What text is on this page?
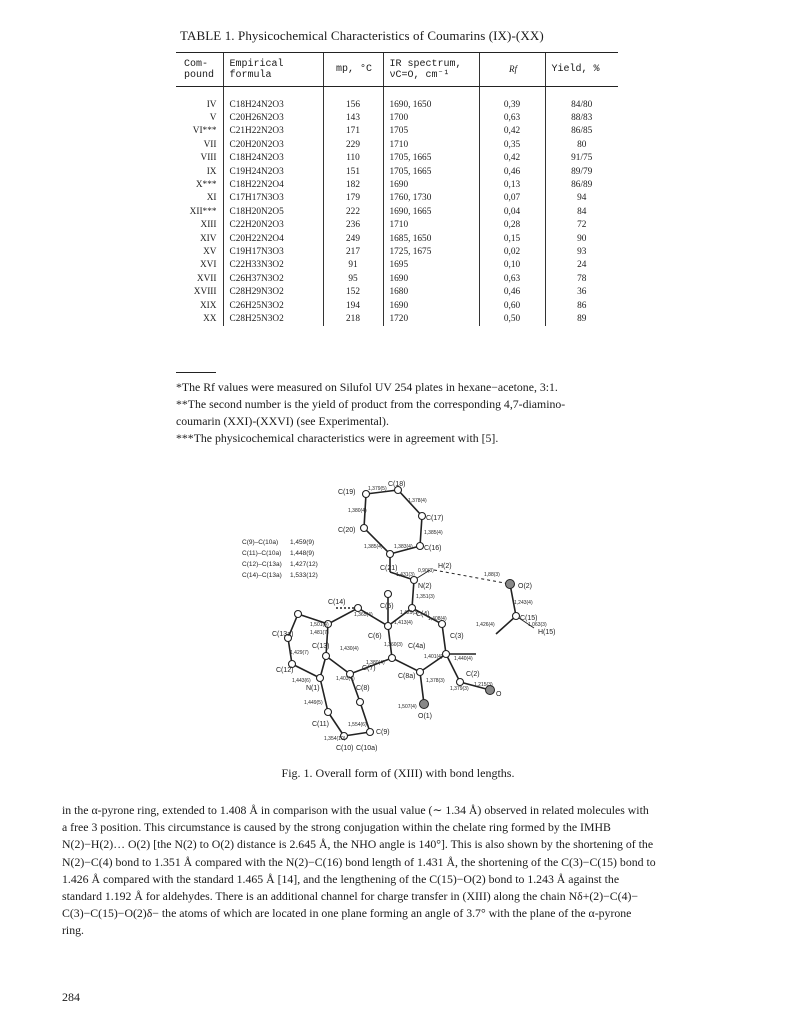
TABLE 1. Physicochemical Characteristics of Coumarins (IX)-(XX)
Com-
pound	Empirical
formula	mp, °C	IR spectrum,
νC=O, cm⁻¹	Rf	Yield, %

IV	C18H24N2O3	156	1690, 1650	0,39	84/80
V	C20H26N2O3	143	1700	0,63	88/83
VI***	C21H22N2O3	171	1705	0,42	86/85
VII	C20H20N2O3	229	1710	0,35	80
VIII	C18H24N2O3	110	1705, 1665	0,42	91/75
IX	C19H24N2O3	151	1705, 1665	0,46	89/79
X***	C18H22N2O4	182	1690	0,13	86/89
XI	C17H17N3O3	179	1760, 1730	0,07	94
XII***	C18H20N2O5	222	1690, 1665	0,04	84
XIII	C22H20N2O3	236	1710	0,28	72
XIV	C20H22N2O4	249	1685, 1650	0,15	90
XV	C19H17N3O3	217	1725, 1675	0,02	93
XVI	C22H33N3O2	91	1695	0,10	24
XVII	C26H37N3O2	95	1690	0,63	78
XVIII	C28H29N3O2	152	1680	0,46	36
XIX	C26H25N3O2	194	1690	0,60	86
XX	C28H25N3O2	218	1720	0,50	89

*The Rf values were measured on Silufol UV 254 plates in hexane−acetone, 3:1.

**The second number is the yield of product from the corresponding 4,7-diamino-

coumarin (XXI)-(XXVI) (see Experimental).

***The physicochemical characteristics were in agreement with [5].

C(19)
C(18)
C(17)
C(16)
C(21)
C(20)
H(2)
N(2)	O(2)
C(15)
H(15)
C(4)
C(3)
C(2)
O
O(1)
C(8a)
C(8)
C(9)
C(10a)
C(10)
C(11)
N(1)
C(12)
C(13)
C(13a)
C(14)
C(5)
C(6)
C(4a)
C(7)
1,379(5)
1,378(4)
1,385(4)
1,383(4)
1,385(4)
1,380(4)
0,90(3)
1,88(3)
1,431(3)
1,351(3)
1,243(4)
1,426(4)	1,063(3)
1,408(4)
1,440(4)
1,215(3)
1,379(3)
1,378(3)
1,401(4)
1,380(4)
1,403(4)
1,507(4)
1,554(6)
1,354(10)
1,449(5)
1,443(6)
1,429(7)
1,481(7)
1,501(4)
1,365(4)
1,413(4)
1,429(3)
1,430(4)
1,360(3)
C(9)–C(10a) 1,459(9)
C(11)–C(10a) 1,448(9)
C(12)–C(13a) 1,427(12)
C(14)–C(13a) 1,533(12)
Fig. 1. Overall form of (XIII) with bond lengths.
in the α-pyrone ring, extended to 1.408 Å in comparison with the usual value (∼ 1.34 Å) observed in related molecules with
a free 3 position. This circumstance is caused by the strong conjugation within the chelate ring formed by the IMHB
N(2)−H(2)… O(2) [the N(2) to O(2) distance is 2.645 Å, the NHO angle is 140°]. This is also shown by the shortening of the
N(2)−C(4) bond to 1.351 Å compared with the N(2)−C(16) bond length of 1.431 Å, the shortening of the C(3)−C(15) bond to
1.426 Å compared with the standard 1.465 Å [14], and the lengthening of the C(15)−O(2) bond to 1.243 Å against the
standard 1.192 Å for aldehydes. There is an additional channel for charge transfer in (XIII) along the chain Nδ+(2)−C(4)−
C(3)−C(15)−O(2)δ− the atoms of which are located in one plane forming an angle of 3.7° with the plane of the α-pyrone
ring.
284
